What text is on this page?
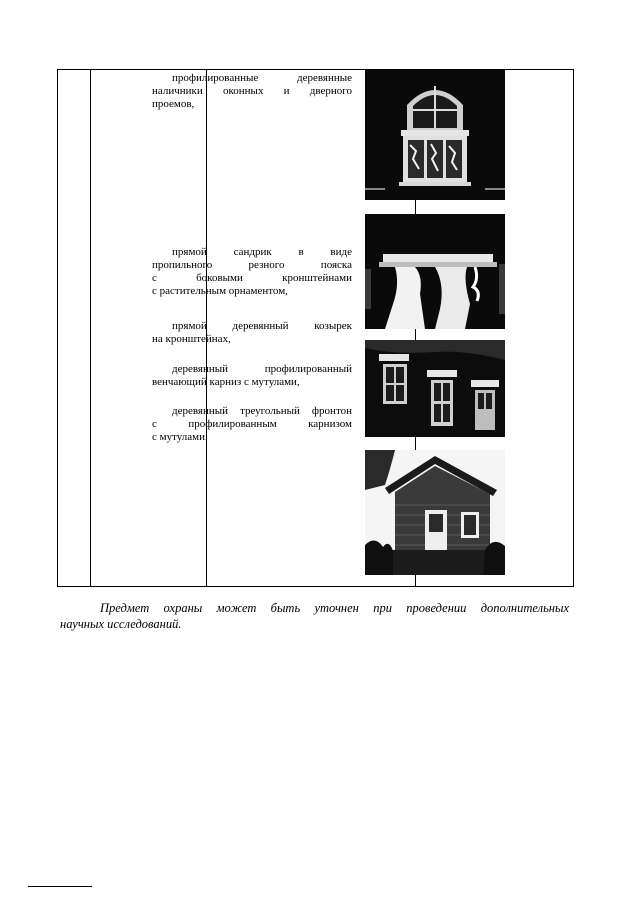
профилированные деревянные
наличники оконных и дверного
проемов,
прямой сандрик в виде
пропильного резного пояска
с боковыми кронштейнами
с растительным орнаментом,
прямой деревянный козырек
на кронштейнах,
деревянный профилированный
венчающий карниз с мутулами,
деревянный треугольный фронтон
с профилированным карнизом
с мутулами.
Предмет охраны может быть уточнен при проведении дополнительных
научных исследований.
